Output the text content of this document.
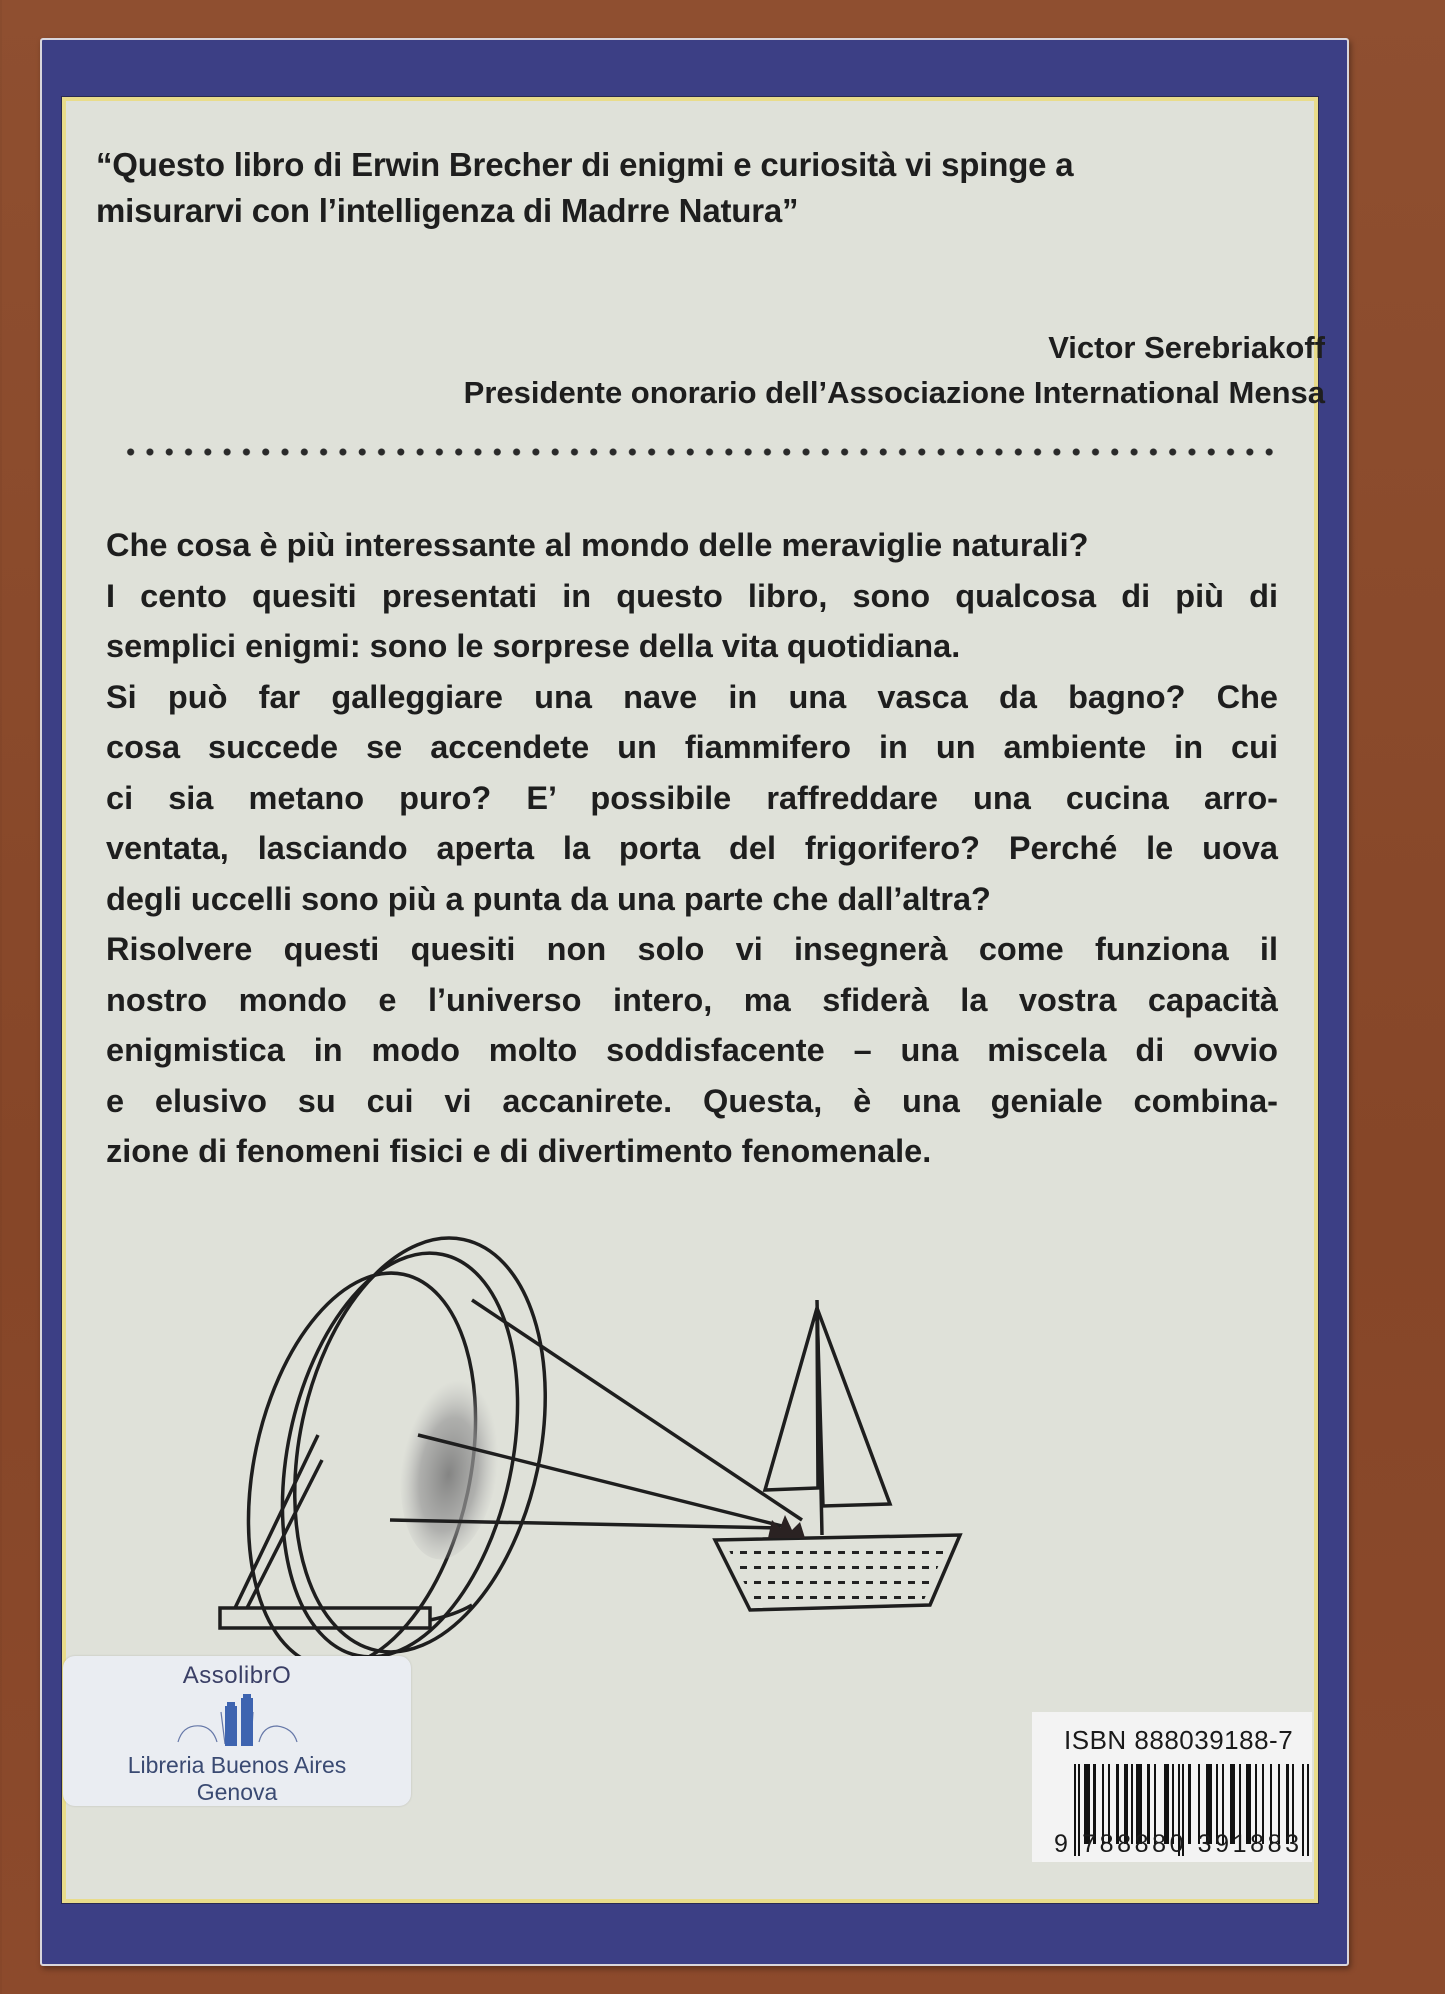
“Questo libro di Erwin Brecher di enigmi e curiosità vi spinge a
misurarvi con l’intelligenza di Madrre Natura”
Victor Serebriakoff
Presidente onorario dell’Associazione International Mensa
Che cosa è più interessante al mondo delle meraviglie naturali?
I cento quesiti presentati in questo libro, sono qualcosa di più di
semplici enigmi: sono le sorprese della vita quotidiana.
Si può far galleggiare una nave in una vasca da bagno? Che
cosa succede se accendete un fiammifero in un ambiente in cui
ci sia metano puro? E’ possibile raffreddare una cucina arro-
ventata, lasciando aperta la porta del frigorifero? Perché le uova
degli uccelli sono più a punta da una parte che dall’altra?
Risolvere questi quesiti non solo vi insegnerà come funziona il
nostro mondo e l’universo intero, ma sfiderà la vostra capacità
enigmistica in modo molto soddisfacente – una miscela di ovvio
e elusivo su cui vi accanirete. Questa, è una geniale combina-
zione di fenomeni fisici e di divertimento fenomenale.
AssolibrO
Libreria Buenos Aires
Genova
ISBN 888039188-7
9 788880 391883
